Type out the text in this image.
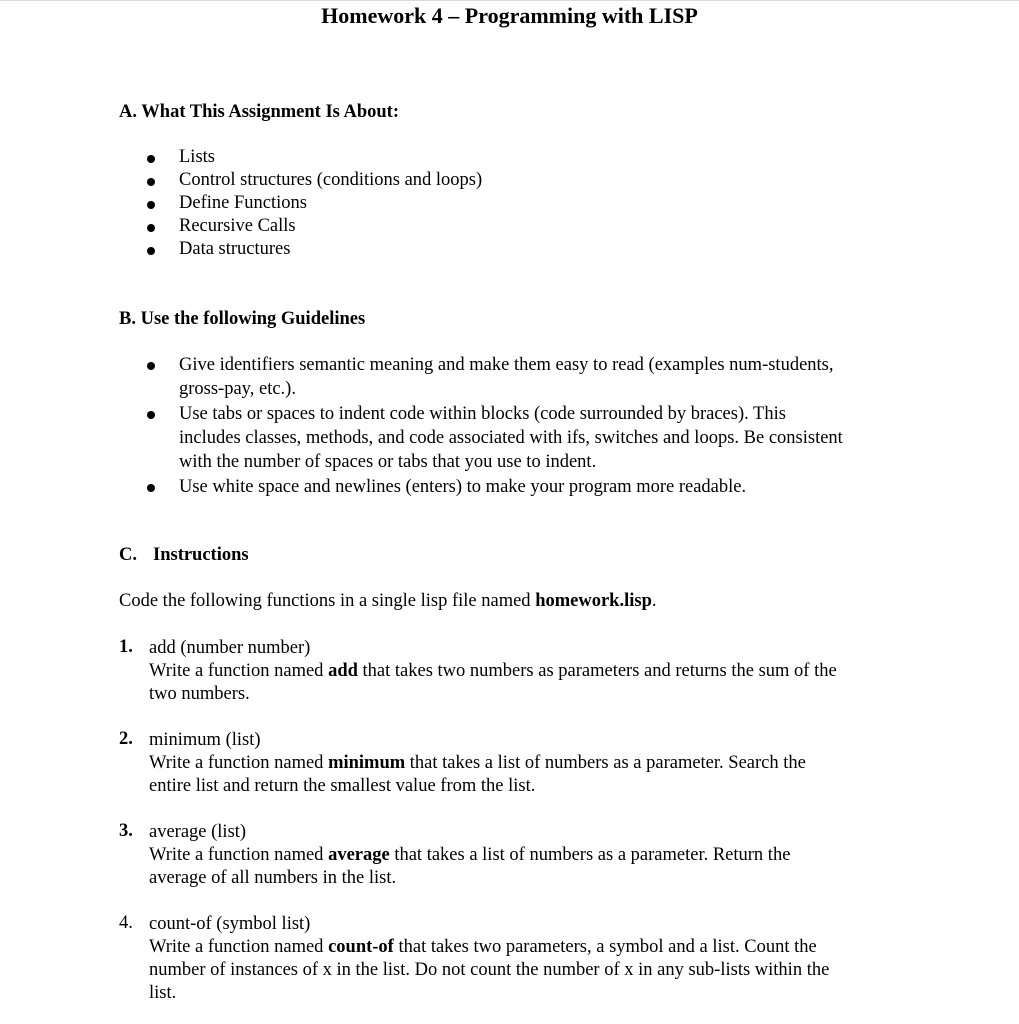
Homework 4 – Programming with LISP
A. What This Assignment Is About:
Lists
Control structures (conditions and loops)
Define Functions
Recursive Calls
Data structures
B. Use the following Guidelines
Give identifiers semantic meaning and make them easy to read (examples num-students,
gross-pay, etc.).
Use tabs or spaces to indent code within blocks (code surrounded by braces). This
includes classes, methods, and code associated with ifs, switches and loops. Be consistent
with the number of spaces or tabs that you use to indent.
Use white space and newlines (enters) to make your program more readable.
C. Instructions
Code the following functions in a single lisp file named homework.lisp.
1. add (number number)
Write a function named add that takes two numbers as parameters and returns the sum of the
two numbers.
2. minimum (list)
Write a function named minimum that takes a list of numbers as a parameter. Search the
entire list and return the smallest value from the list.
3. average (list)
Write a function named average that takes a list of numbers as a parameter. Return the
average of all numbers in the list.
4. count-of (symbol list)
Write a function named count-of that takes two parameters, a symbol and a list. Count the
number of instances of x in the list. Do not count the number of x in any sub-lists within the
list.
